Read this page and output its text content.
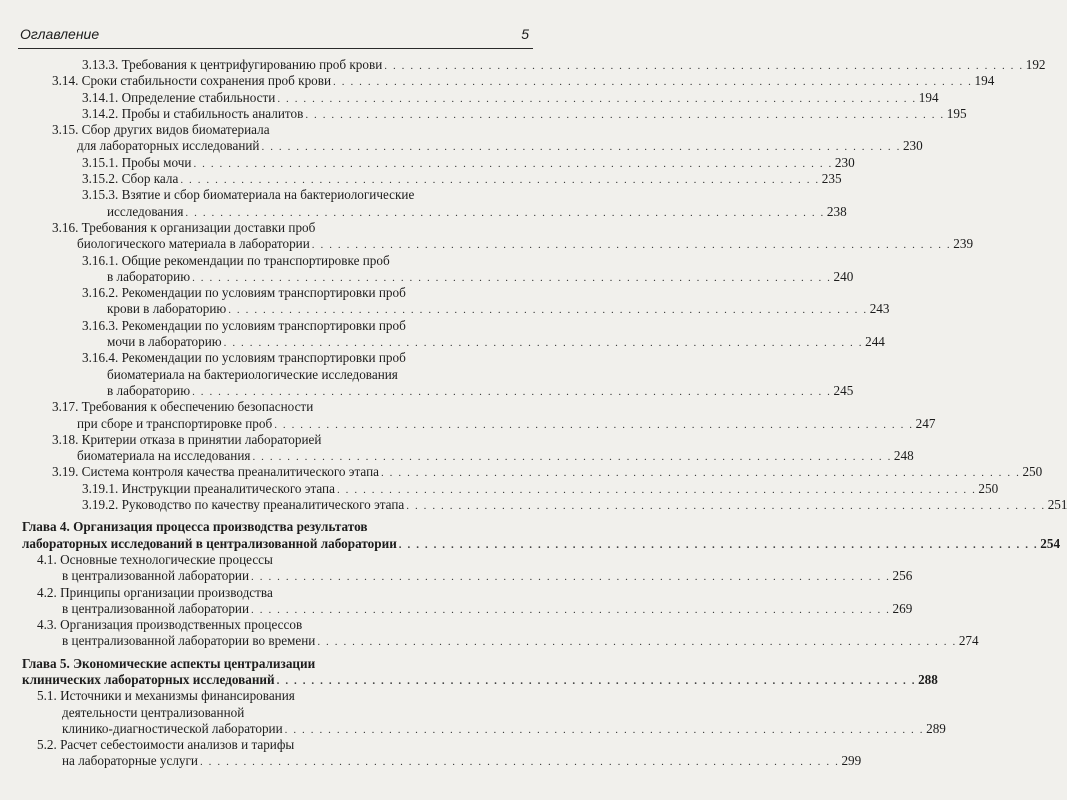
Оглавление	5
3.13.3. Требования к центрифугированию проб крови . . .	192
3.14. Сроки стабильности сохранения проб крови . . .	194
3.14.1. Определение стабильности . . .	194
3.14.2. Пробы и стабильность аналитов . . .	195
3.15. Сбор других видов биоматериала
для лабораторных исследований . . .	230
3.15.1. Пробы мочи . . .	230
3.15.2. Сбор кала . . .	235
3.15.3. Взятие и сбор биоматериала на бактериологические
исследования . . .	238
3.16. Требования к организации доставки проб
биологического материала в лаборатории . . .	239
3.16.1. Общие рекомендации по транспортировке проб
в лабораторию . . .	240
3.16.2. Рекомендации по условиям транспортировки проб
крови в лабораторию . . .	243
3.16.3. Рекомендации по условиям транспортировки проб
мочи в лабораторию . . .	244
3.16.4. Рекомендации по условиям транспортировки проб
биоматериала на бактериологические исследования
в лабораторию . . .	245
3.17. Требования к обеспечению безопасности
при сборе и транспортировке проб . . .	247
3.18. Критерии отказа в принятии лабораторией
биоматериала на исследования . . .	248
3.19. Система контроля качества преаналитического этапа . . .	250
3.19.1. Инструкции преаналитического этапа . . .	250
3.19.2. Руководство по качеству преаналитического этапа . . .	251
Глава 4. Организация процесса производства результатов
лабораторных исследований в централизованной лаборатории . . .	254
4.1. Основные технологические процессы
в централизованной лаборатории . . .	256
4.2. Принципы организации производства
в централизованной лаборатории . . .	269
4.3. Организация производственных процессов
в централизованной лаборатории во времени . . .	274
Глава 5. Экономические аспекты централизации
клинических лабораторных исследований . . .	288
5.1. Источники и механизмы финансирования
деятельности централизованной
клинико-диагностической лаборатории . . .	289
5.2. Расчет себестоимости анализов и тарифы
на лабораторные услуги . . .	299
